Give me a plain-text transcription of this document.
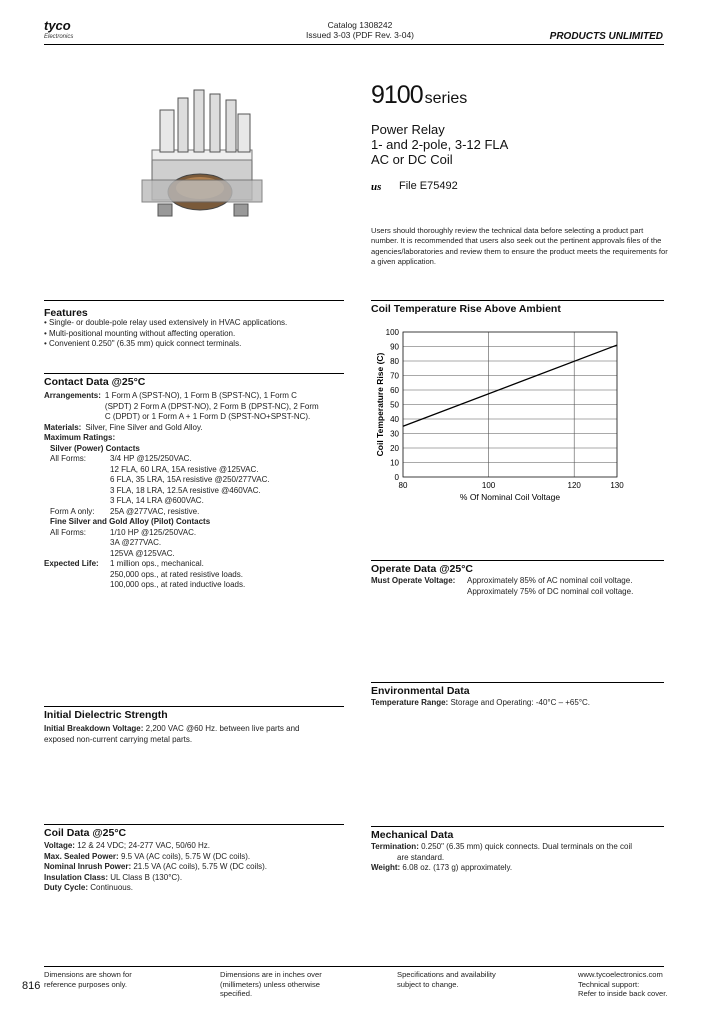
tyco
Electronics
Catalog 1308242
Issued 3-03 (PDF Rev. 3-04)	PRODUCTS UNLIMITED
9100 series
Power Relay
1- and 2-pole, 3-12 FLA
AC or DC Coil
us File E75492
Users should thoroughly review the technical data before selecting a product part number. It is recommended that users also seek out the pertinent approvals files of the agencies/laboratories and review them to ensure the product meets the requirements for a given application.
Features
• Single- or double-pole relay used extensively in HVAC applications.
• Multi-positional mounting without affecting operation.
• Convenient 0.250" (6.35 mm) quick connect terminals.
Contact Data @25°C
Arrangements: 1 Form A (SPST-NO), 1 Form B (SPST-NC), 1 Form C
(SPDT) 2 Form A (DPST-NO), 2 Form B (DPST-NC), 2 Form
C (DPDT) or 1 Form A + 1 Form D (SPST-NO+SPST-NC).
Materials: Silver, Fine Silver and Gold Alloy.
Maximum Ratings:
Silver (Power) Contacts
All Forms:	3/4 HP @125/250VAC.
12 FLA, 60 LRA, 15A resistive @125VAC.
6 FLA, 35 LRA, 15A resistive @250/277VAC.
3 FLA, 18 LRA, 12.5A resistive @460VAC.
3 FLA, 14 LRA @600VAC.
Form A only:	25A @277VAC, resistive.
Fine Silver and Gold Alloy (Pilot) Contacts
All Forms:	1/10 HP @125/250VAC.
3A @277VAC.
125VA @125VAC.
Expected Life:	1 million ops., mechanical.
250,000 ops., at rated resistive loads.
100,000 ops., at rated inductive loads.
Coil Temperature Rise Above Ambient
0
10
20
30
40
50
60
70
80
90
100
80	100	120	130
% Of Nominal Coil Voltage
Coil Temperature Rise (C)
Operate Data @25°C
Must Operate Voltage:	Approximately 85% of AC nominal coil voltage.
Approximately 75% of DC nominal coil voltage.
Environmental Data
Temperature Range: Storage and Operating: -40°C – +65°C.
Initial Dielectric Strength
Initial Breakdown Voltage: 2,200 VAC @60 Hz. between live parts and
exposed non-current carrying metal parts.
Coil Data @25°C
Voltage: 12 & 24 VDC; 24-277 VAC, 50/60 Hz.
Max. Sealed Power: 9.5 VA (AC coils), 5.75 W (DC coils).
Nominal Inrush Power: 21.5 VA (AC coils), 5.75 W (DC coils).
Insulation Class: UL Class B (130°C).
Duty Cycle: Continuous.
Mechanical Data
Termination: 0.250" (6.35 mm) quick connects. Dual terminals on the coil
are standard.
Weight: 6.08 oz. (173 g) approximately.
816
Dimensions are shown for
reference purposes only.
Dimensions are in inches over
(millimeters) unless otherwise
specified.
Specifications and availability
subject to change.
www.tycoelectronics.com
Technical support:
Refer to inside back cover.
